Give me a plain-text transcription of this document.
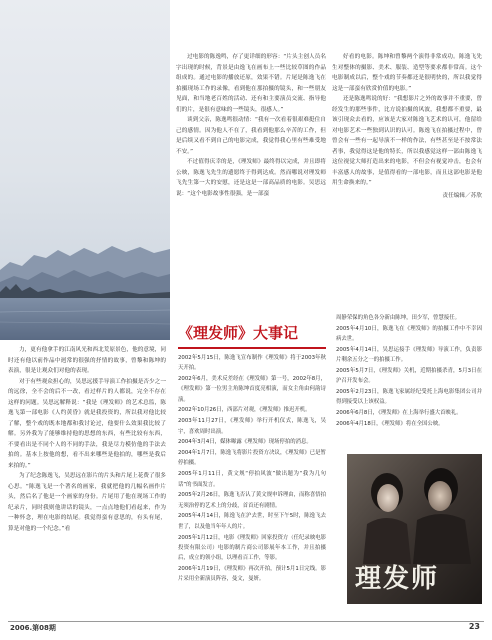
过电影的陈逸鸣，存了更详细的形容：“片头主创人员名字出现的时候，背景是由逸飞在画布上一些比较草图的作品组成的。通过电影的播放还原，效果不错。片尾是陈逸飞在拍摄现场工作的录像，看到他在那拍摄的镜头，和一些朋友见面，和当地老百姓的活动、还有和主要演员交流、指导他们的片，是很有意味的一些镜头，很感人。”

谈到父亲，陈逸鸣很动情：“我有一次看着很艰难挺住自己的感情。因为他人不在了，我看到他那么辛苦的工作，但是后续又看不到自己的电影完成，我觉得我心里有些难受地不安。”

不过值得庆幸的是，《理发师》最终得以完成，并且即将公映，陈逸飞先生的遗愿终于得到达成。然而哪说对理发师飞先生第一大的安慰，还是这是一部高品质的电影。吴思远说：“这个电影故事性很强，是一部蛮

好看的电影。陈坤和曾黎两个演得非常成功。陈逸飞先生对整体的摄影、美术、服装、造型等要求都非常高。这个电影制成以后，整个戏的节奏都还是很明快的，所以我觉得这是一部蛮有欣赏价值的电影。”

还是陈逸鸣说的好：“我想影片之外的故事并不重要，曾经发生的那些事件，比方说拍摄的风波，我想都不重要，最该引现众去看的，应该是大家对陈逸飞艺术的认可，他留给对电影艺术一些独到认识的认可。陈逸飞在拍摄过程中，曾曾会有一些有一起导演不一样的作法，有些甚至是不按常法者事，我觉得这是他的特长，所以我感觉这样一部由陈逸飞这位视觉大师打造出来的电影，不但会有视觉冲击，也会有丰富感人的故事，是值得看的一部电影，而且这部电影是他用生命换来的。”

责任编辑／苏欣

力，更有他拿手的江南风光和西北荒原景色，他的意境，同时还有他以前作品中迥常的很强的抒情的故事，曾黎和陈坤的表演，很是让观众们对他的表现。

对于有些观众担心的，吴思远援手导演工作拍摄是否少之一的远徐，全不会的后不一改，看过样片的人都说，完全不存在这样的问题。吴思远解释说：“我是《理发师》的艺术总监，陈逸飞第一部电影《人约黄昏》就是我投资的，所以我对他比较了解，整个戏的既本地都和我讨论过，他要什么效果我比较了解。另外我为了能够维持他的思想的东西，有些比较有东西，不要看出是不同个人的不同的手法，我是尽力模仿他的手法去拍的。基本上按他的想，看不出来哪些是他拍的，哪些是我后来拍的。”

为了纪念陈逸飞，吴思远在影片的片头和片尾上花费了很多心思。“陈逸飞是一个著名的画家，我就把他的几幅名画作片头，然后名了他是一个画家的身份。片尾用了他在现场工作的纪录片，同时我则他讲话的镜头，一点点地他们看起来，作为一种怀念，理在电影的结尾。我觉得蛮有意思的，有头有尾，算是对他的一个纪念。”看

《理发师》大事记

2002年5月15日，陈逸飞宣布制作《理发师》将于2003年秋天开拍。

2002年6月，美术反差经在《理发师》第一号，2002年8月，《理发师》第一位男主角陈坤首度亮相演，而女主角由何韵诗演。

2002年10月26日，西部片对观，《理发师》推迟开机。

2003年11月27日，《理发师》举行开机仪式，陈逸飞，吴宇，喜欢周时出演。

2004年3月4日，媒体曝露《理发师》现场停拍的消息。

2004年1月7日，陈逸飞将影片投资方决议，《理发师》已是暂停拍摄。

2005年1月11日，黄文规“停拍风波”做出题为“我为几句话”的书面发言。

2005年2月26日，陈逸飞否认了黄文规申诉理由，而称喜悟拍无须治停的艺术上的分歧，首首还有剧情。

2005年4月14日，陈逸飞在沪去世，时至下午5时，陈逸飞去世了，以及他当年年人的片。

2005年1月12日，电影《理发师》回家投资方（任纪录映电影投资有限公司）电影的制片商公司影展年本工作，并且拍摄后，成立的领小组，以理看百工作，等影。

2006年1月19日，《理发师》再次开拍，预计5月1日完线。影片采用全新演员阵容，曼文，曼妍。

周静荣保的角色各分新由陈坤，田少军，曾慧接任。

2005年4月10日，陈逸飞在《理发师》的拍摄工作中不幸因病去世。

2005年4月14日，吴思运接手《理发师》导演工作，负责影片剩余五分之一的拍摄工作。

2005年5月7日，《理发师》关机，近期拍摄杀青，5月3日在沪召开发布会。

2005年2月23日，陈逸飞家属经纪受托上海电影集团公司并得到接受以上该权益。

2006年6月8日，《理发师》在上海举行盛大首映礼。

2006年4月18日，《理发师》将在全国公映。

理发师
2006.第08期	23
